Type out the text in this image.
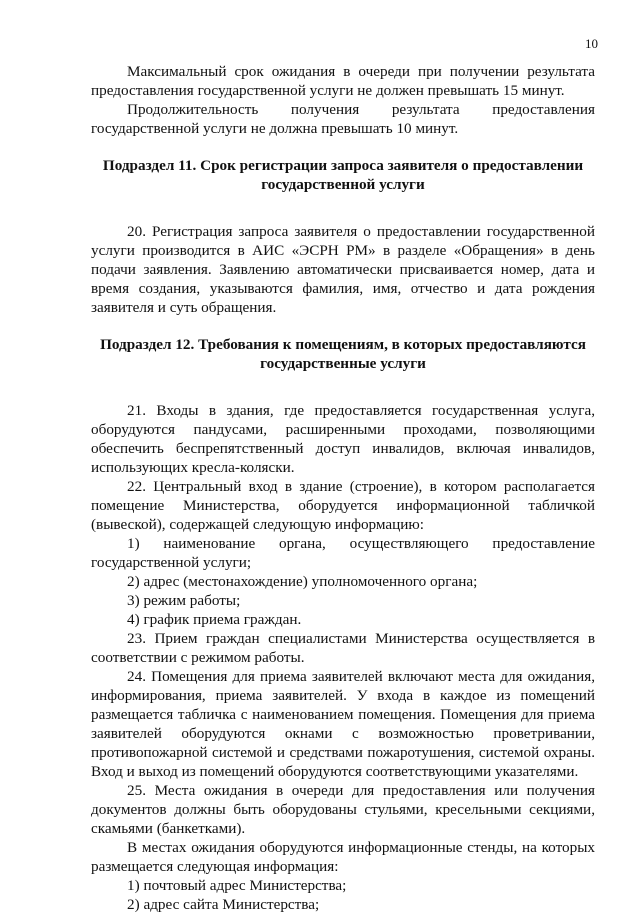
10

Максимальный срок ожидания в очереди при получении результата предоставления государственной услуги не должен превышать 15 минут.

Продолжительность получения результата предоставления государственной услуги не должна превышать 10 минут.

Подраздел 11. Срок регистрации запроса заявителя о предоставлении государственной услуги

20. Регистрация запроса заявителя о предоставлении государственной услуги производится в АИС «ЭСРН РМ» в разделе «Обращения» в день подачи заявления. Заявлению автоматически присваивается номер, дата и время создания, указываются фамилия, имя, отчество и дата рождения заявителя и суть обращения.

Подраздел 12. Требования к помещениям, в которых предоставляются государственные услуги

21. Входы в здания, где предоставляется государственная услуга, оборудуются пандусами, расширенными проходами, позволяющими обеспечить беспрепятственный доступ инвалидов, включая инвалидов, использующих кресла-коляски.

22. Центральный вход в здание (строение), в котором располагается помещение Министерства, оборудуется информационной табличкой (вывеской), содержащей следующую информацию:

1) наименование органа, осуществляющего предоставление государственной услуги;

2) адрес (местонахождение) уполномоченного органа;

3) режим работы;

4) график приема граждан.

23. Прием граждан специалистами Министерства осуществляется в соответствии с режимом работы.

24. Помещения для приема заявителей включают места для ожидания, информирования, приема заявителей. У входа в каждое из помещений размещается табличка с наименованием помещения. Помещения для приема заявителей оборудуются окнами с возможностью проветривании, противопожарной системой и средствами пожаротушения, системой охраны. Вход и выход из помещений оборудуются соответствующими указателями.

25. Места ожидания в очереди для предоставления или получения документов должны быть оборудованы стульями, кресельными секциями, скамьями (банкетками).

В местах ожидания оборудуются информационные стенды, на которых размещается следующая информация:

1) почтовый адрес Министерства;

2) адрес сайта Министерства;
